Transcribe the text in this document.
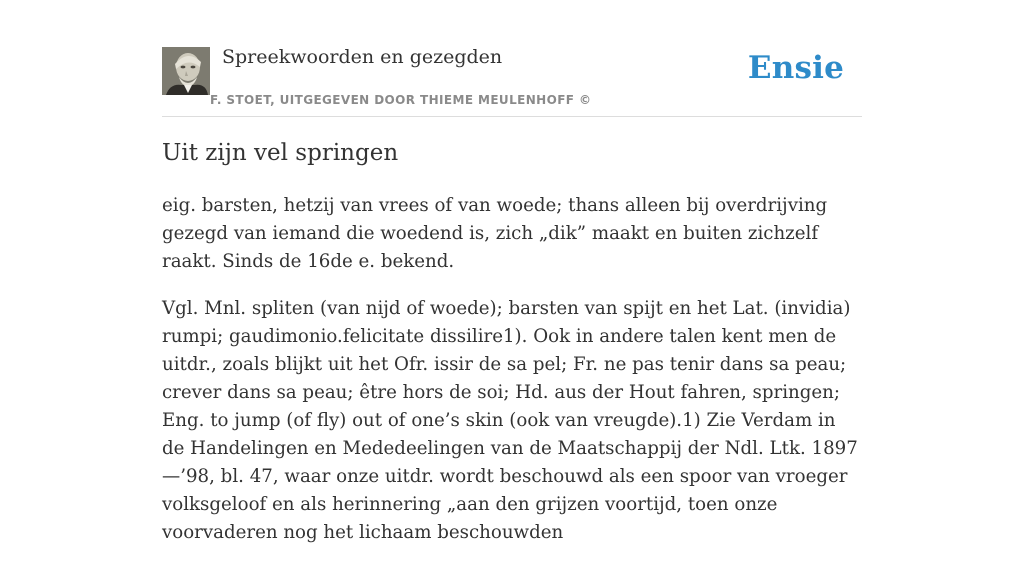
Spreekwoorden en gezegden
F. STOET, UITGEGEVEN DOOR THIEME MEULENHOFF ©
Ensie
Uit zijn vel springen

eig. barsten, hetzij van vrees of van woede; thans alleen bij overdrijving gezegd van iemand die woedend is, zich „dik” maakt en buiten zichzelf raakt. Sinds de 16de e. bekend.

Vgl. Mnl. spliten (van nijd of woede); barsten van spijt en het Lat. (invidia) rumpi; gaudimonio.felicitate dissilire1). Ook in andere talen kent men de uitdr., zoals blijkt uit het Ofr. issir de sa pel; Fr. ne pas tenir dans sa peau; crever dans sa peau; être hors de soi; Hd. aus der Hout fahren, springen; Eng. to jump (of fly) out of one’s skin (ook van vreugde).1) Zie Verdam in de Handelingen en Mededeelingen van de Maatschappij der Ndl. Ltk. 1897 —’98, bl. 47, waar onze uitdr. wordt beschouwd als een spoor van vroeger volksgeloof en als herinnering „aan den grijzen voortijd, toen onze voorvaderen nog het lichaam beschouwden
